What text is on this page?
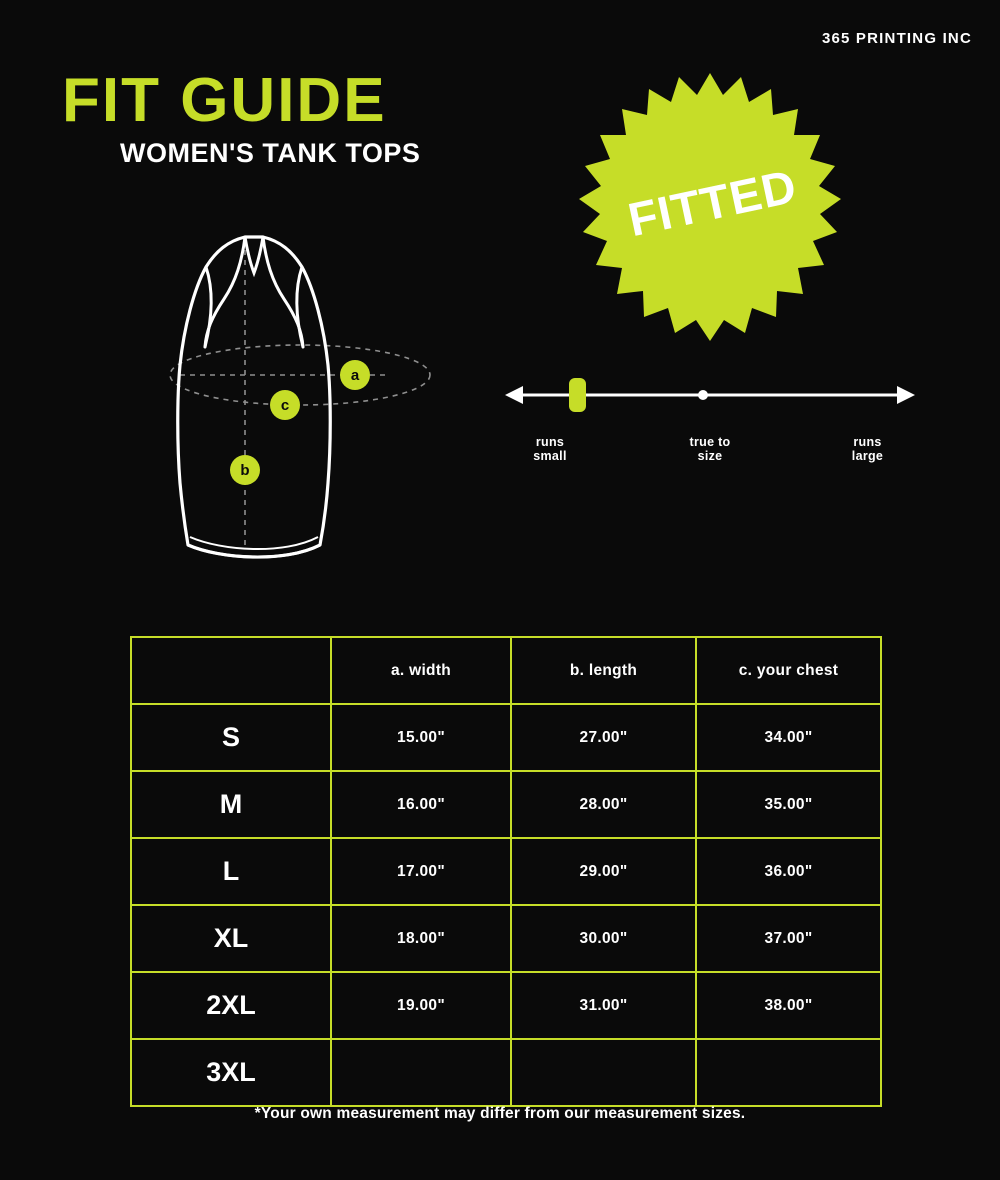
365 PRINTING INC
FIT GUIDE
WOMEN'S TANK TOPS
a
c
b
FITTED
runs
small
true to
size
runs
large
	a. width	b. length	c. your chest
S	15.00"	27.00"	34.00"
M	16.00"	28.00"	35.00"
L	17.00"	29.00"	36.00"
XL	18.00"	30.00"	37.00"
2XL	19.00"	31.00"	38.00"
3XL			
*Your own measurement may differ from our measurement sizes.
